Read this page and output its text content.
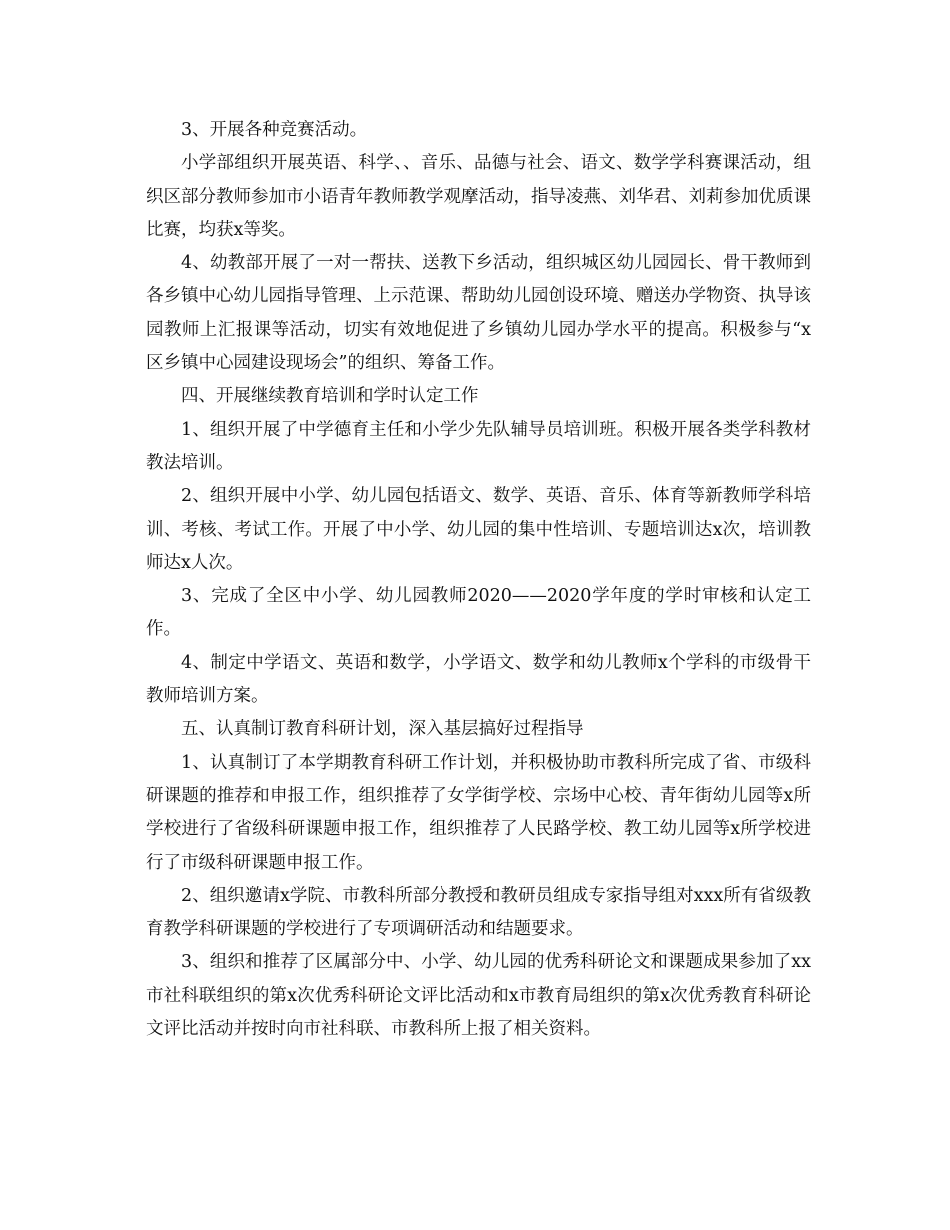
3、开展各种竞赛活动。

小学部组织开展英语、科学、、音乐、品德与社会、语文、数学学科赛课活动，组织区部分教师参加市小语青年教师教学观摩活动，指导凌燕、刘华君、刘莉参加优质课比赛，均获x等奖。

4、幼教部开展了一对一帮扶、送教下乡活动，组织城区幼儿园园长、骨干教师到各乡镇中心幼儿园指导管理、上示范课、帮助幼儿园创设环境、赠送办学物资、执导该园教师上汇报课等活动，切实有效地促进了乡镇幼儿园办学水平的提高。积极参与“x区乡镇中心园建设现场会”的组织、筹备工作。

四、开展继续教育培训和学时认定工作

1、组织开展了中学德育主任和小学少先队辅导员培训班。积极开展各类学科教材教法培训。

2、组织开展中小学、幼儿园包括语文、数学、英语、音乐、体育等新教师学科培训、考核、考试工作。开展了中小学、幼儿园的集中性培训、专题培训达x次，培训教师达x人次。

3、完成了全区中小学、幼儿园教师2020——2020学年度的学时审核和认定工作。

4、制定中学语文、英语和数学，小学语文、数学和幼儿教师x个学科的市级骨干教师培训方案。

五、认真制订教育科研计划，深入基层搞好过程指导

1、认真制订了本学期教育科研工作计划，并积极协助市教科所完成了省、市级科研课题的推荐和申报工作，组织推荐了女学街学校、宗场中心校、青年街幼儿园等x所学校进行了省级科研课题申报工作，组织推荐了人民路学校、教工幼儿园等x所学校进行了市级科研课题申报工作。

2、组织邀请x学院、市教科所部分教授和教研员组成专家指导组对xxx所有省级教育教学科研课题的学校进行了专项调研活动和结题要求。

3、组织和推荐了区属部分中、小学、幼儿园的优秀科研论文和课题成果参加了xx市社科联组织的第x次优秀科研论文评比活动和x市教育局组织的第x次优秀教育科研论文评比活动并按时向市社科联、市教科所上报了相关资料。
